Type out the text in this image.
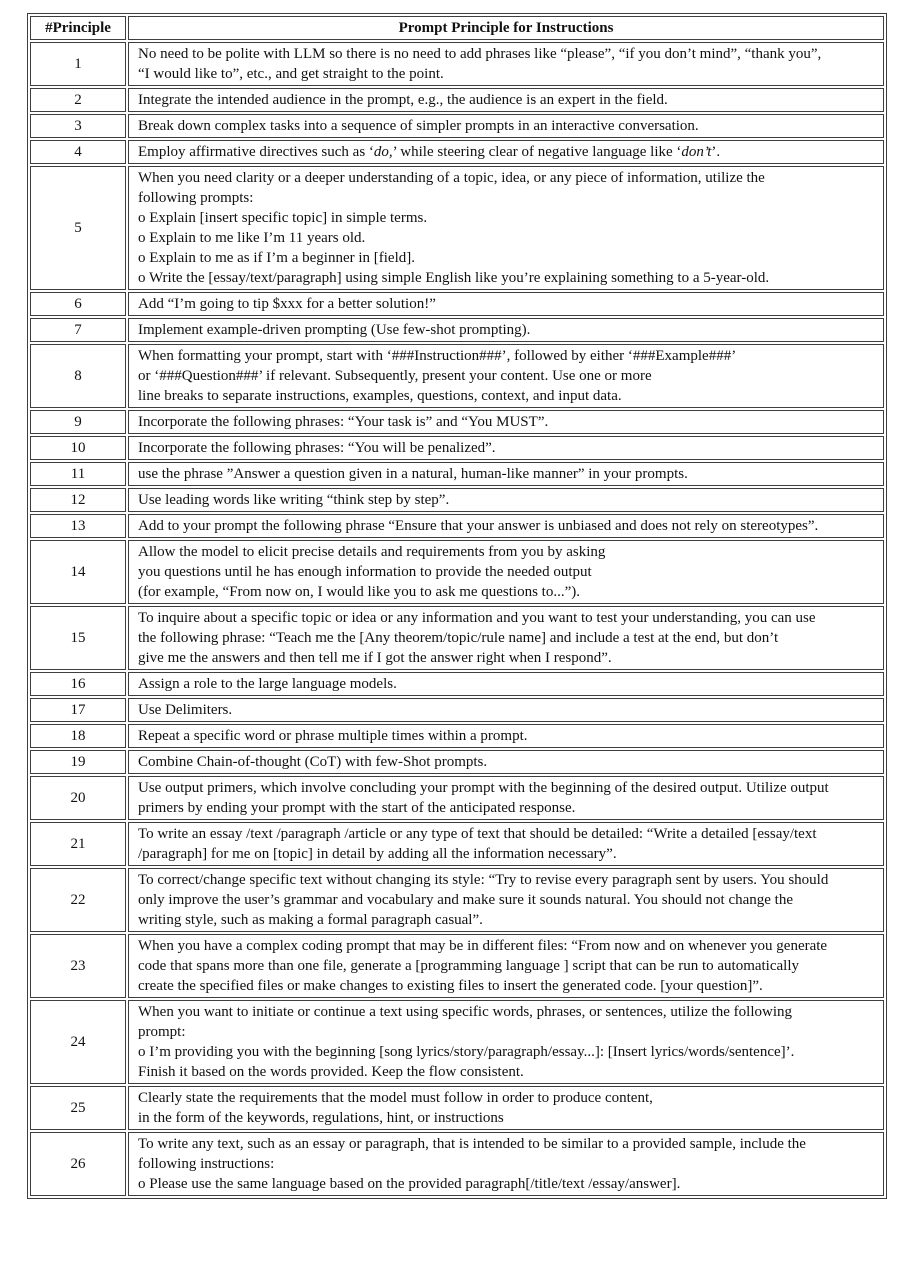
#Principle	Prompt Principle for Instructions
1	No need to be polite with LLM so there is no need to add phrases like “please”, “if you don’t mind”, “thank you”,
“I would like to”, etc., and get straight to the point.

2	Integrate the intended audience in the prompt, e.g., the audience is an expert in the field.

3	Break down complex tasks into a sequence of simpler prompts in an interactive conversation.

4	Employ affirmative directives such as ‘do,’ while steering clear of negative language like ‘don’t’.

5	
When you need clarity or a deeper understanding of a topic, idea, or any piece of information, utilize the
following prompts:
o Explain [insert specific topic] in simple terms.
o Explain to me like I’m 11 years old.
o Explain to me as if I’m a beginner in [field].
o Write the [essay/text/paragraph] using simple English like you’re explaining something to a 5-year-old.

6	Add “I’m going to tip $xxx for a better solution!”

7	Implement example-driven prompting (Use few-shot prompting).

8	When formatting your prompt, start with ‘###Instruction###’, followed by either ‘###Example###’
or ‘###Question###’ if relevant. Subsequently, present your content. Use one or more
line breaks to separate instructions, examples, questions, context, and input data.

9	Incorporate the following phrases: “Your task is” and “You MUST”.

10	Incorporate the following phrases: “You will be penalized”.

11	use the phrase ”Answer a question given in a natural, human-like manner” in your prompts.

12	Use leading words like writing “think step by step”.

13	Add to your prompt the following phrase “Ensure that your answer is unbiased and does not rely on stereotypes”.

14	Allow the model to elicit precise details and requirements from you by asking
you questions until he has enough information to provide the needed output
(for example, “From now on, I would like you to ask me questions to...”).

15	To inquire about a specific topic or idea or any information and you want to test your understanding, you can use
the following phrase: “Teach me the [Any theorem/topic/rule name] and include a test at the end, but don’t
give me the answers and then tell me if I got the answer right when I respond”.

16	Assign a role to the large language models.

17	Use Delimiters.

18	Repeat a specific word or phrase multiple times within a prompt.

19	Combine Chain-of-thought (CoT) with few-Shot prompts.

20	Use output primers, which involve concluding your prompt with the beginning of the desired output. Utilize output
primers by ending your prompt with the start of the anticipated response.

21	To write an essay /text /paragraph /article or any type of text that should be detailed: “Write a detailed [essay/text
/paragraph] for me on [topic] in detail by adding all the information necessary”.

22	To correct/change specific text without changing its style: “Try to revise every paragraph sent by users. You should
only improve the user’s grammar and vocabulary and make sure it sounds natural. You should not change the
writing style, such as making a formal paragraph casual”.

23	When you have a complex coding prompt that may be in different files: “From now and on whenever you generate
code that spans more than one file, generate a [programming language ] script that can be run to automatically
create the specified files or make changes to existing files to insert the generated code. [your question]”.

24	When you want to initiate or continue a text using specific words, phrases, or sentences, utilize the following
prompt:
o I’m providing you with the beginning [song lyrics/story/paragraph/essay...]: [Insert lyrics/words/sentence]’.
Finish it based on the words provided. Keep the flow consistent.

25	Clearly state the requirements that the model must follow in order to produce content,
in the form of the keywords, regulations, hint, or instructions

26	To write any text, such as an essay or paragraph, that is intended to be similar to a provided sample, include the
following instructions:
o Please use the same language based on the provided paragraph[/title/text /essay/answer].
